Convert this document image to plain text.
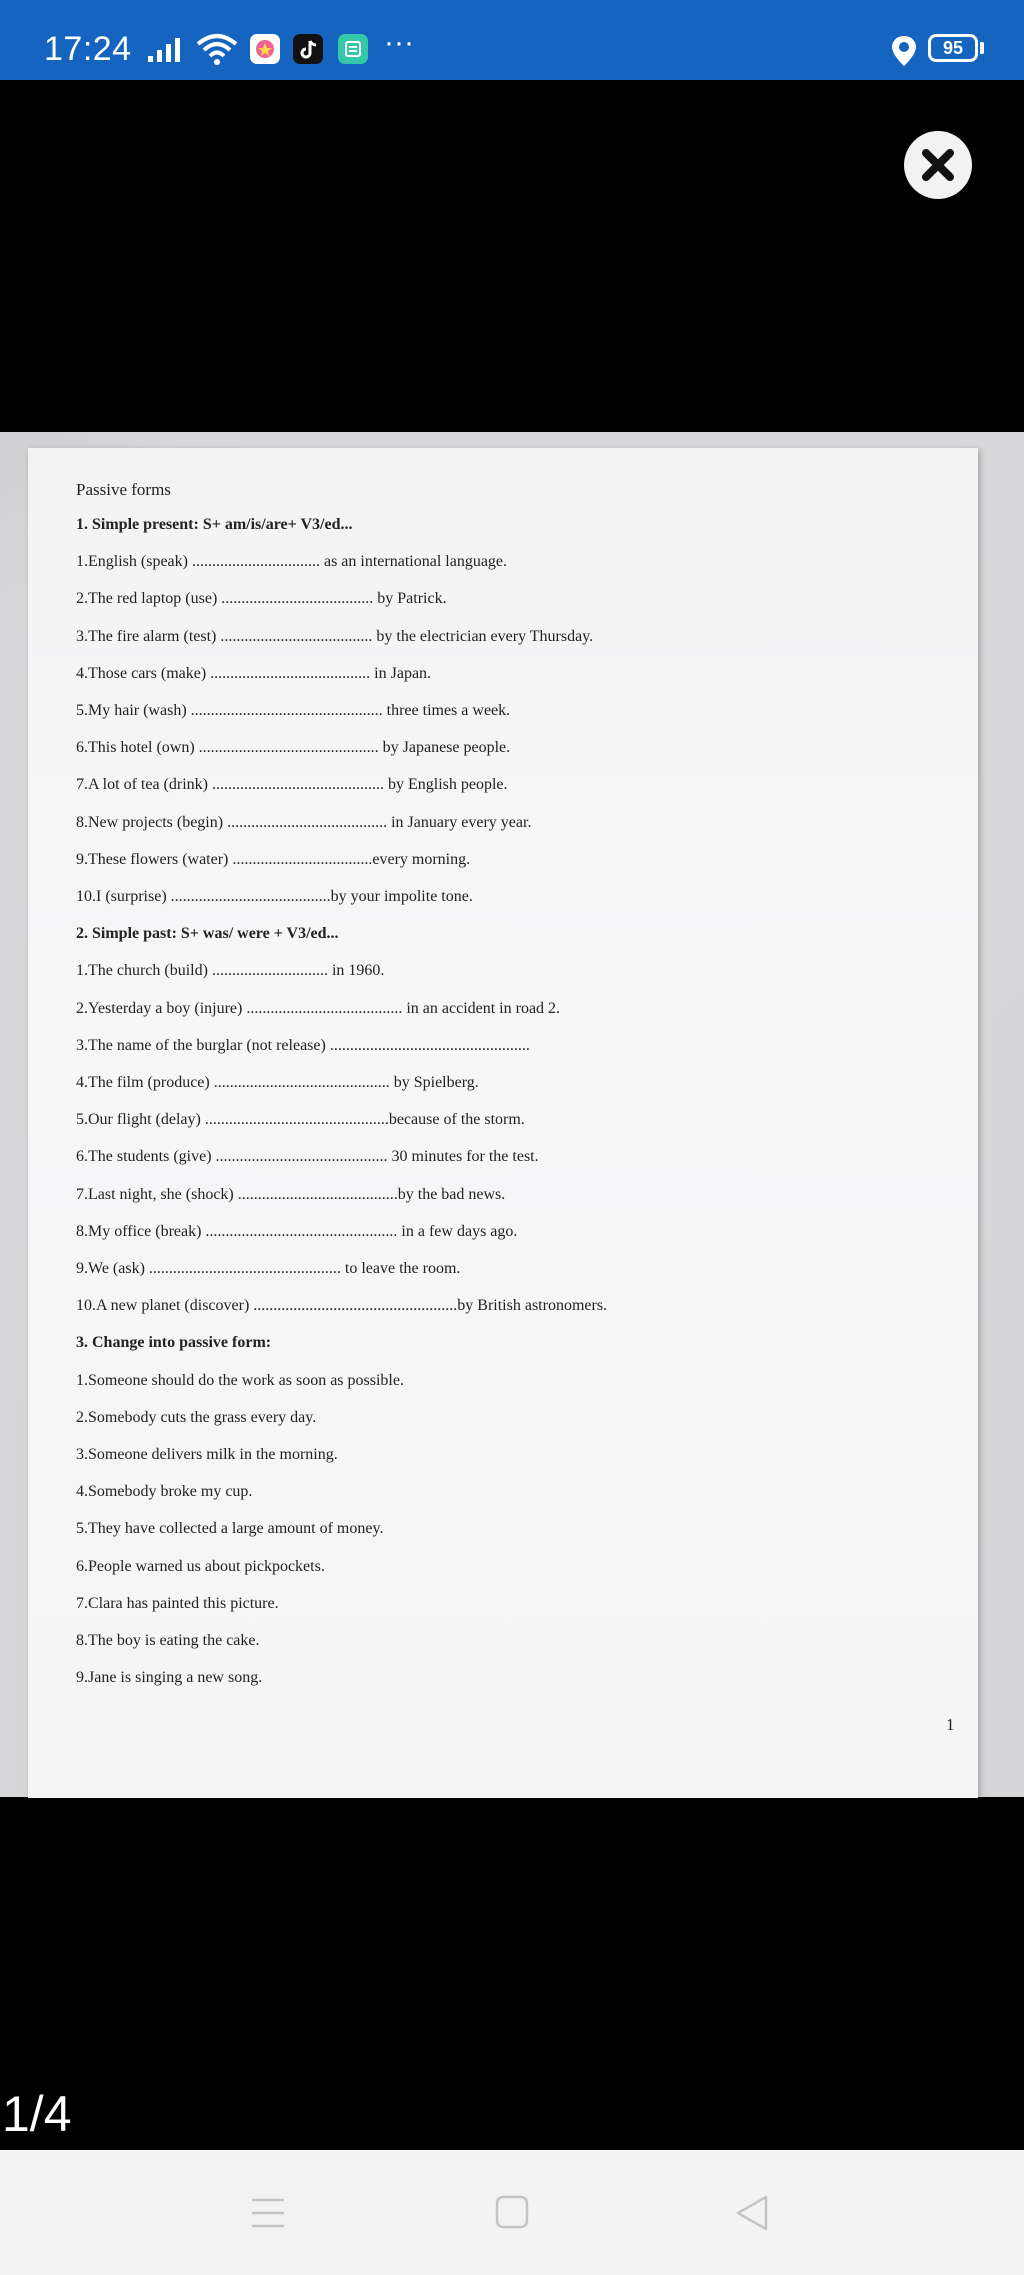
17:24	···	95
Passive forms
1. Simple present: S+ am/is/are+ V3/ed...
1.English (speak) ................................ as an international language.
2.The red laptop (use) ...................................... by Patrick.
3.The fire alarm (test) ...................................... by the electrician every Thursday.
4.Those cars (make) ........................................ in Japan.
5.My hair (wash) ................................................ three times a week.
6.This hotel (own) ............................................. by Japanese people.
7.A lot of tea (drink) ........................................... by English people.
8.New projects (begin) ........................................ in January every year.
9.These flowers (water) ...................................every morning.
10.I (surprise) ........................................by your impolite tone.
2. Simple past: S+ was/ were + V3/ed...
1.The church (build) ............................. in 1960.
2.Yesterday a boy (injure) ....................................... in an accident in road 2.
3.The name of the burglar (not release) ..................................................
4.The film (produce) ............................................ by Spielberg.
5.Our flight (delay) ..............................................because of the storm.
6.The students (give) ........................................... 30 minutes for the test.
7.Last night, she (shock) ........................................by the bad news.
8.My office (break) ................................................ in a few days ago.
9.We (ask) ................................................ to leave the room.
10.A new planet (discover) ...................................................by British astronomers.
3. Change into passive form:
1.Someone should do the work as soon as possible.
2.Somebody cuts the grass every day.
3.Someone delivers milk in the morning.
4.Somebody broke my cup.
5.They have collected a large amount of money.
6.People warned us about pickpockets.
7.Clara has painted this picture.
8.The boy is eating the cake.
9.Jane is singing a new song.
1
1/4
